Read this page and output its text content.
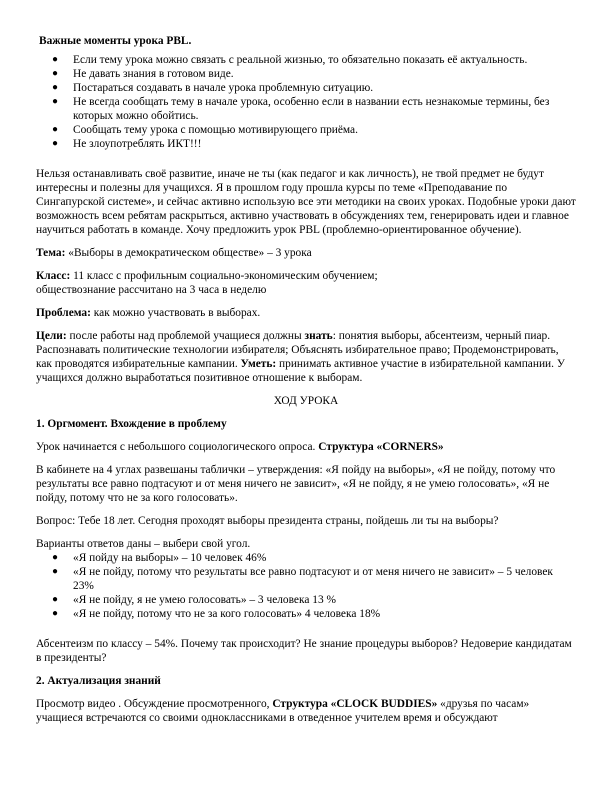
Важные моменты урока PBL.

● Если тему урока можно связать с реальной жизнью, то обязательно показать её актуальность.
● Не давать знания в готовом виде.
● Постараться создавать в начале урока проблемную ситуацию.
● Не всегда сообщать тему в начале урока, особенно если в названии есть незнакомые термины, без которых можно обойтись.
● Сообщать тему урока с помощью мотивирующего приёма.
● Не злоупотреблять ИКТ!!!

Нельзя останавливать своё развитие, иначе не ты (как педагог и как личность), не твой предмет не будут интересны и полезны для учащихся. Я в прошлом году прошла курсы по теме «Преподавание по Сингапурской системе», и сейчас активно использую все эти методики на своих уроках. Подобные уроки дают возможность всем ребятам раскрыться, активно участвовать в обсуждениях тем, генерировать идеи и главное научиться работать в команде. Хочу предложить урок PBL (проблемно-ориентированное обучение).

Тема: «Выборы в демократическом обществе» – 3 урока

Класс: 11 класс с профильным социально-экономическим обучением;
обществознание рассчитано на 3 часа в неделю

Проблема: как можно участвовать в выборах.

Цели: после работы над проблемой учащиеся должны знать: понятия выборы, абсентеизм, черный пиар. Распознавать политические технологии избирателя; Объяснять избирательное право; Продемонстрировать, как проводятся избирательные кампании. Уметь: принимать активное участие в избирательной кампании. У учащихся должно выработаться позитивное отношение к выборам.

ХОД УРОКА

1. Оргмомент. Вхождение в проблему

Урок начинается с небольшого социологического опроса. Структура «CORNERS»

В кабинете на 4 углах развешаны таблички – утверждения: «Я пойду на выборы», «Я не пойду, потому что результаты все равно подтасуют и от меня ничего не зависит», «Я не пойду, я не умею голосовать», «Я не пойду, потому что не за кого голосовать».

Вопрос: Тебе 18 лет. Сегодня проходят выборы президента страны, пойдешь ли ты на выборы?

Варианты ответов даны – выбери свой угол.

● «Я пойду на выборы» – 10 человек 46%
● «Я не пойду, потому что результаты все равно подтасуют и от меня ничего не зависит» – 5 человек 23%
● «Я не пойду, я не умею голосовать» – 3 человека 13 %
● «Я не пойду, потому что не за кого голосовать» 4 человека 18%

Абсентеизм по классу – 54%. Почему так происходит? Не знание процедуры выборов? Недоверие кандидатам в президенты?

2. Актуализация знаний

Просмотр видео . Обсуждение просмотренного, Структура «CLOCK BUDDIES» «друзья по часам» учащиеся встречаются со своими одноклассниками в отведенное учителем время и обсуждают
